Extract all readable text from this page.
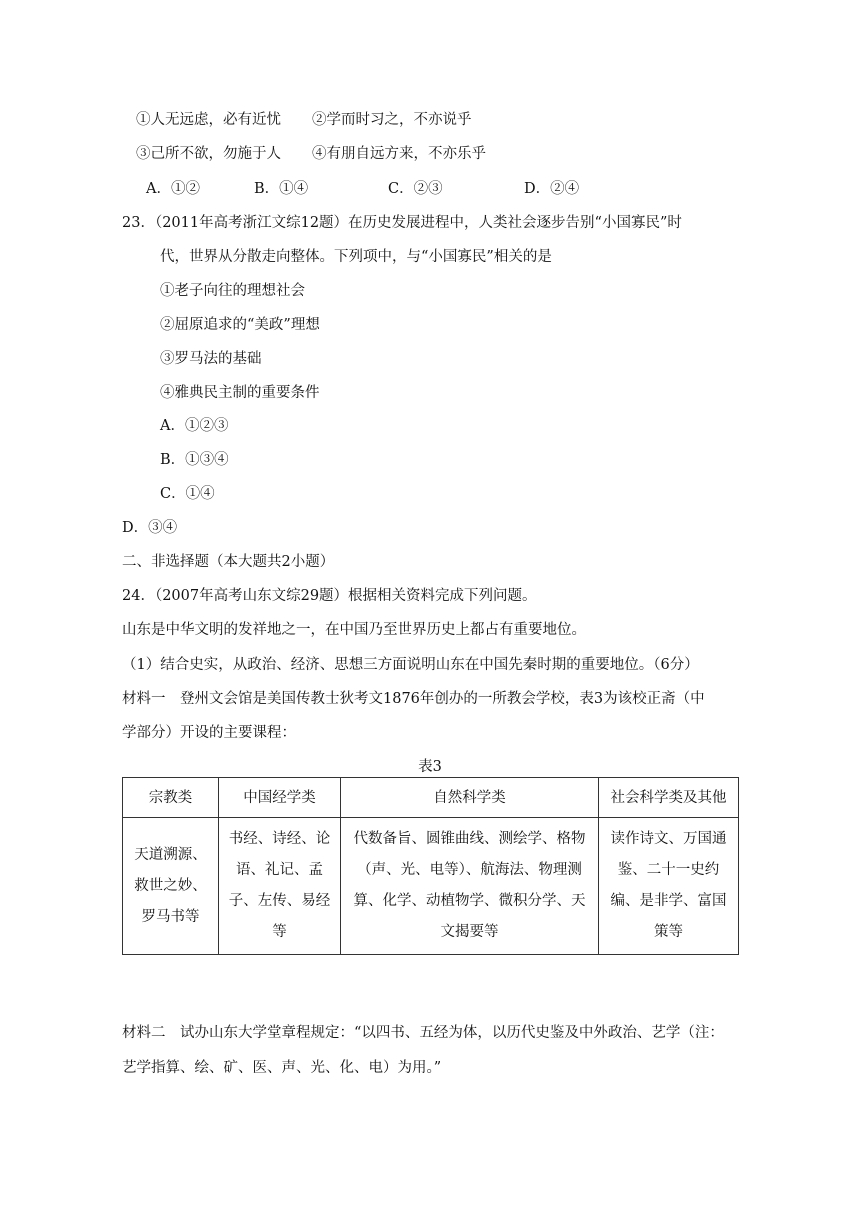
①人无远虑，必有近忧 ②学而时习之，不亦说乎
③己所不欲，勿施于人 ④有朋自远方来，不亦乐乎
A．①②	B．①④	C．②③	D．②④
23．（2011年高考浙江文综12题）在历史发展进程中，人类社会逐步告别“小国寡民”时
代，世界从分散走向整体。下列项中，与“小国寡民”相关的是
①老子向往的理想社会
②屈原追求的“美政”理想
③罗马法的基础
④雅典民主制的重要条件
A．①②③
B．①③④
C．①④
D．③④
二、非选择题（本大题共2小题）
24．（2007年高考山东文综29题）根据相关资料完成下列问题。
山东是中华文明的发祥地之一，在中国乃至世界历史上都占有重要地位。
（1）结合史实，从政治、经济、思想三方面说明山东在中国先秦时期的重要地位。（6分）
材料一　登州文会馆是美国传教士狄考文1876年创办的一所教会学校，表3为该校正斋（中
学部分）开设的主要课程：
表3
宗教类	中国经学类	自然科学类	社会科学类及其他
天道溯源、救世之妙、罗马书等	书经、诗经、论语、礼记、孟子、左传、易经等	代数备旨、圆锥曲线、测绘学、格物（声、光、电等）、航海法、物理测算、化学、动植物学、微积分学、天文揭要等	读作诗文、万国通鉴、二十一史约编、是非学、富国策等
材料二　试办山东大学堂章程规定：“以四书、五经为体，以历代史鉴及中外政治、艺学（注：
艺学指算、绘、矿、医、声、光、化、电）为用。”
